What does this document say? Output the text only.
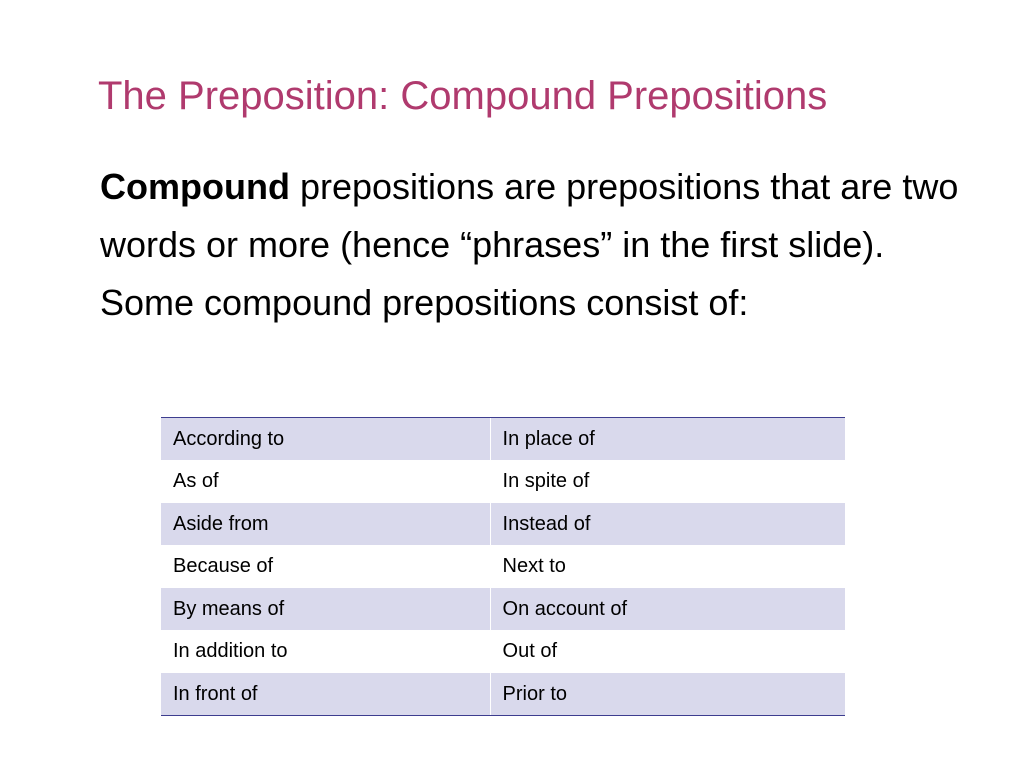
The Preposition: Compound Prepositions

Compound prepositions are prepositions that are two words or more (hence “phrases” in the first slide). Some compound prepositions consist of:

According to	In place of
As of	In spite of
Aside from	Instead of
Because of	Next to
By means of	On account of
In addition to	Out of
In front of	Prior to
